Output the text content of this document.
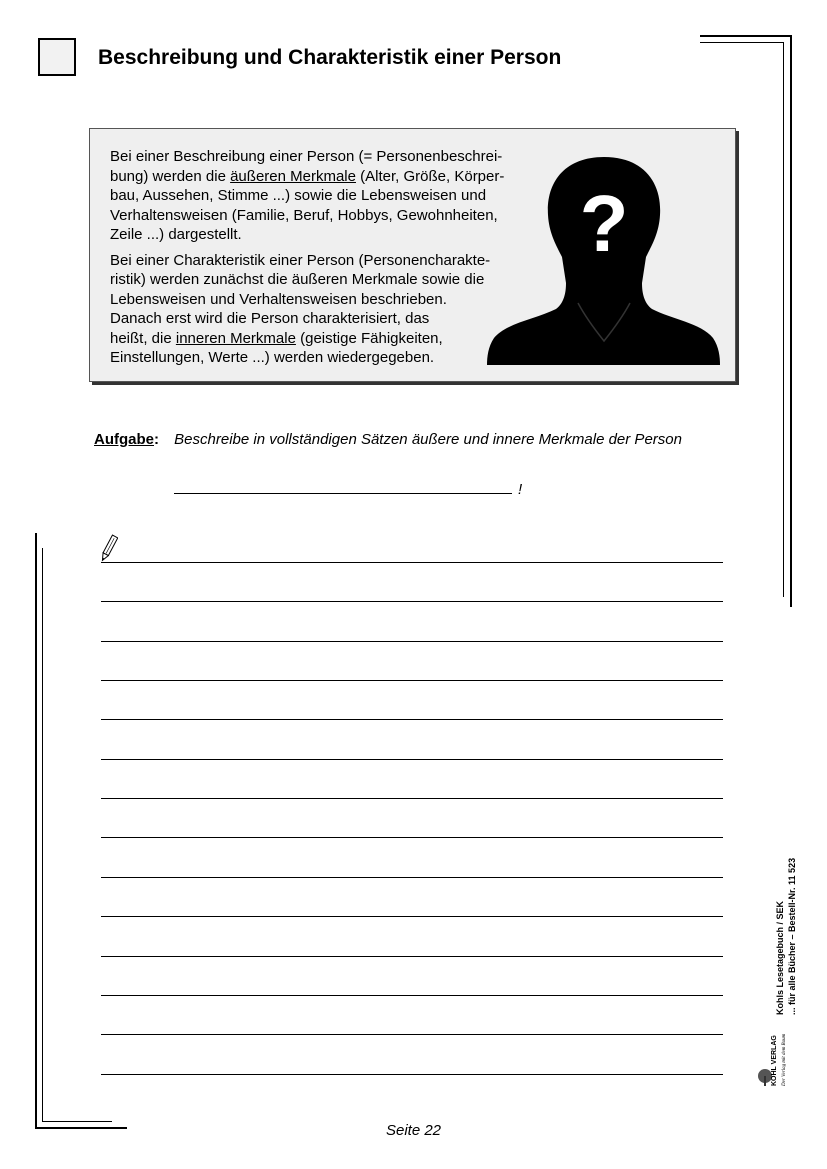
Beschreibung und Charakteristik einer Person

Bei einer Beschreibung einer Person (= Personenbeschrei-
bung) werden die äußeren Merkmale (Alter, Größe, Körper-
bau, Aussehen, Stimme ...) sowie die Lebensweisen und
Verhaltensweisen (Familie, Beruf, Hobbys, Gewohnheiten,
Zeile ...) dargestellt.

Bei einer Charakteristik einer Person (Personencharakte-
ristik) werden zunächst die äußeren Merkmale sowie die
Lebensweisen und Verhaltensweisen beschrieben.
Danach erst wird die Person charakterisiert, das
heißt, die inneren Merkmale (geistige Fähigkeiten,
Einstellungen, Werte ...) werden wiedergegeben.

?
Aufgabe: Beschreibe in vollständigen Sätzen äußere und innere Merkmale der Person
!
Kohls Lesetagebuch / SEK ... für alle Bücher – Bestell-Nr. 11 523
KOHL VERLAG Der Verlag mit dem Baum
Seite 22
